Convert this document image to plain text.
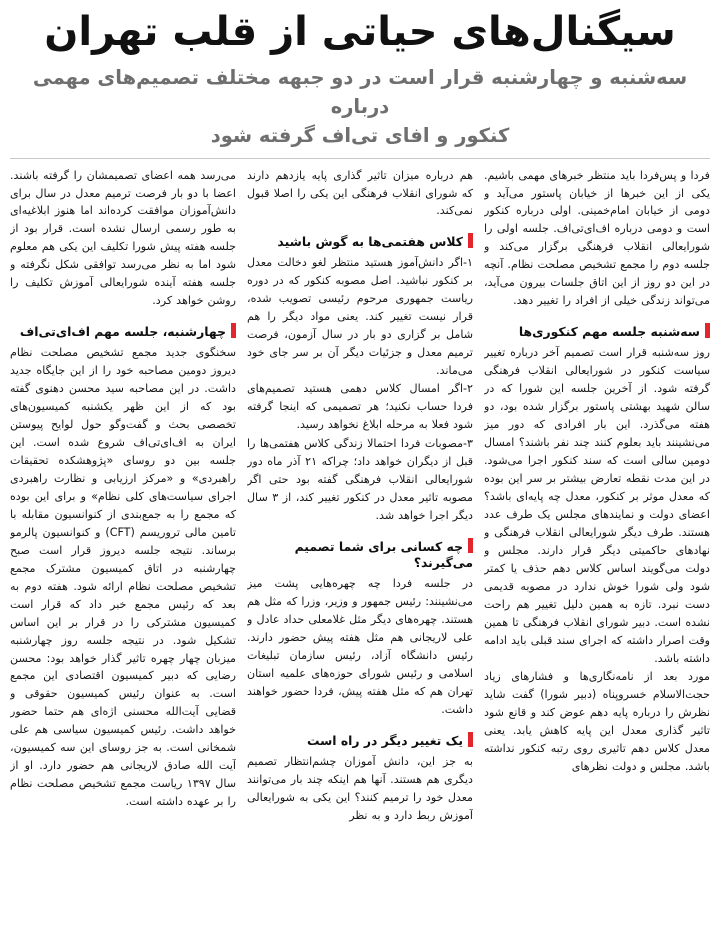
سیگنال‌های حیاتی از قلب تهران
سه‌شنبه و چهارشنبه قرار است در دو جبهه مختلف تصمیم‌های مهمی درباره
کنکور و افای تی‌اف گرفته شود

فردا و پس‌فردا باید منتظر خبرهای مهمی باشیم. یکی از این خبرها از خیابان پاستور می‌آید و دومی از خیابان امام‌خمینی. اولی درباره کنکور است و دومی درباره اف‌ای‌تی‌اف. جلسه اولی را شورایعالی انقلاب فرهنگی برگزار می‌کند و جلسه دوم را مجمع تشخیص مصلحت نظام. آنچه در این دو روز از این اتاق جلسات بیرون می‌آید، می‌تواند زندگی خیلی از افراد را تغییر دهد.

سه‌شنبه جلسه مهم کنکوری‌ها

روز سه‌شنبه قرار است تصمیم آخر درباره تغییر سیاست کنکور در شورایعالی انقلاب فرهنگی گرفته شود. از آخرین جلسه این شورا که در سالن شهید بهشتی پاستور برگزار شده بود، دو هفته می‌گذرد. این بار افرادی که دور میز می‌نشینند باید بعلوم کنند چند نفر باشند؟ امسال دومین سالی است که سند کنکور اجرا می‌شود. در این مدت نقطه تعارض بیشتر بر سر این بوده که معدل موثر بر کنکور، معدل چه پایه‌ای باشد؟ اعضای دولت و نمایندهای مجلس یک طرف عدد هستند. طرف دیگر شورایعالی انقلاب فرهنگی و نهادهای حاکمیتی دیگر قرار دارند. مجلس و دولت می‌گویند اساس کلاس دهم حذف یا کمتر شود ولی شورا خوش ندارد در مصوبه قدیمی دست نبرد. تازه به همین دلیل تغییر هم راحت نشده است. دبیر شورای انقلاب فرهنگی تا همین وقت اصرار داشته که اجرای سند قبلی باید ادامه داشته باشد.

مورد بعد از نامه‌نگاری‌ها و فشارهای زیاد حجت‌الاسلام خسروپناه (دبیر شورا) گفت شاید نظرش را درباره پایه دهم عوض کند و قانع شود تاثیر گذاری معدل این پایه کاهش یابد. یعنی معدل کلاس دهم تاثیری روی رتبه کنکور نداشته باشد. مجلس و دولت نظرهای

هم درباره میزان تاثیر گذاری پایه یازدهم دارند که شورای انقلاب فرهنگی این یکی را اصلا قبول نمی‌کند.

کلاس هفتمی‌ها به گوش باشید

۱-اگر دانش‌آموز هستید منتظر لغو دخالت معدل بر کنکور نباشید. اصل مصوبه کنکور که در دوره ریاست جمهوری مرحوم رئیسی تصویب شده، قرار نیست تغییر کند. یعنی مواد دیگر را هم شامل بر گزاری دو بار در سال آزمون، فرصت ترمیم معدل و جزئیات دیگر آن بر سر جای خود می‌ماند.

۲-اگر امسال کلاس دهمی هستید تصمیم‌های فردا حساب نکنید؛ هر تصمیمی که اینجا گرفته شود فعلا به مرحله ابلاغ نخواهد رسید.

۳-مصوبات فردا احتمالا زندگی کلاس هفتمی‌ها را قبل از دیگران خواهد داد؛ چراکه ۲۱ آذر ماه دور شورایعالی انقلاب فرهنگی گفته بود حتی اگر مصوبه تاثیر معدل در کنکور تغییر کند، از ۳ سال دیگر اجرا خواهد شد.

چه کسانی برای شما تصمیم می‌گیرند؟

در جلسه فردا چه چهره‌هایی پشت میز می‌نشینند: رئیس جمهور و وزیر، وزرا که مثل هم هستند. چهره‌های دیگر مثل غلامعلی حداد عادل و علی لاریجانی هم مثل هفته پیش حضور دارند. رئیس دانشگاه آزاد، رئیس سازمان تبلیغات اسلامی و رئیس شورای حوزه‌های علمیه استان تهران هم که مثل هفته پیش، فردا حضور خواهند داشت.

یک تغییر دیگر در راه است

به جز این، دانش آموزان چشم‌انتظار تصمیم دیگری هم هستند. آنها هم اینکه چند بار می‌توانند معدل خود را ترمیم کنند؟ این یکی به شورایعالی آموزش ربط دارد و به نظر

می‌رسد همه اعضای تصمیمشان را گرفته باشند. اعضا با دو بار فرصت ترمیم معدل در سال برای دانش‌آموزان موافقت کرده‌اند اما هنوز ابلاغیه‌ای به طور رسمی ارسال نشده است. قرار بود از جلسه هفته پیش شورا تکلیف این یکی هم معلوم شود اما به نظر می‌رسد توافقی شکل نگرفته و جلسه هفته آینده شورایعالی آموزش تکلیف را روشن خواهد کرد.

چهارشنبه، جلسه مهم اف‌ای‌تی‌اف

سخنگوی جدید مجمع تشخیص مصلحت نظام دیروز دومین مصاحبه خود را از این جایگاه جدید داشت. در این مصاحبه سید محسن دهنوی گفته بود که از این ظهر یکشنبه کمیسیون‌های تخصصی بحث و گفت‌وگو حول لوایح پیوستن ایران به اف‌ای‌تی‌اف شروع شده است. این جلسه بین دو روسای «پژوهشکده تحقیقات راهبردی» و «مرکز ارزیابی و نظارت راهبردی اجرای سیاست‌های کلی نظام» و برای این بوده که مجمع را به جمع‌بندی از کنوانسیون مقابله با تامین مالی تروریسم (CFT) و کنوانسیون پالرمو برساند. نتیجه جلسه دیروز قرار است صبح چهارشنبه در اتاق کمیسیون مشترک مجمع تشخیص مصلحت نظام ارائه شود. هفته دوم به بعد که رئیس مجمع خبر داد که قرار است کمیسیون مشترکی را در قرار بر این اساس تشکیل شود. در نتیجه جلسه روز چهارشنبه میزبان چهار چهره تاثیر گذار خواهد بود: محسن رضایی که دبیر کمیسیون اقتصادی این مجمع است. به عنوان رئیس کمیسیون حقوقی و قضایی آیت‌الله محسنی اژه‌ای هم حتما حضور خواهد داشت. رئیس کمیسیون سیاسی هم علی شمخانی است. به جز روسای این سه کمیسیون، آیت الله صادق لاریجانی هم حضور دارد. او از سال ۱۳۹۷ ریاست مجمع تشخیص مصلحت نظام را بر عهده داشته است.
